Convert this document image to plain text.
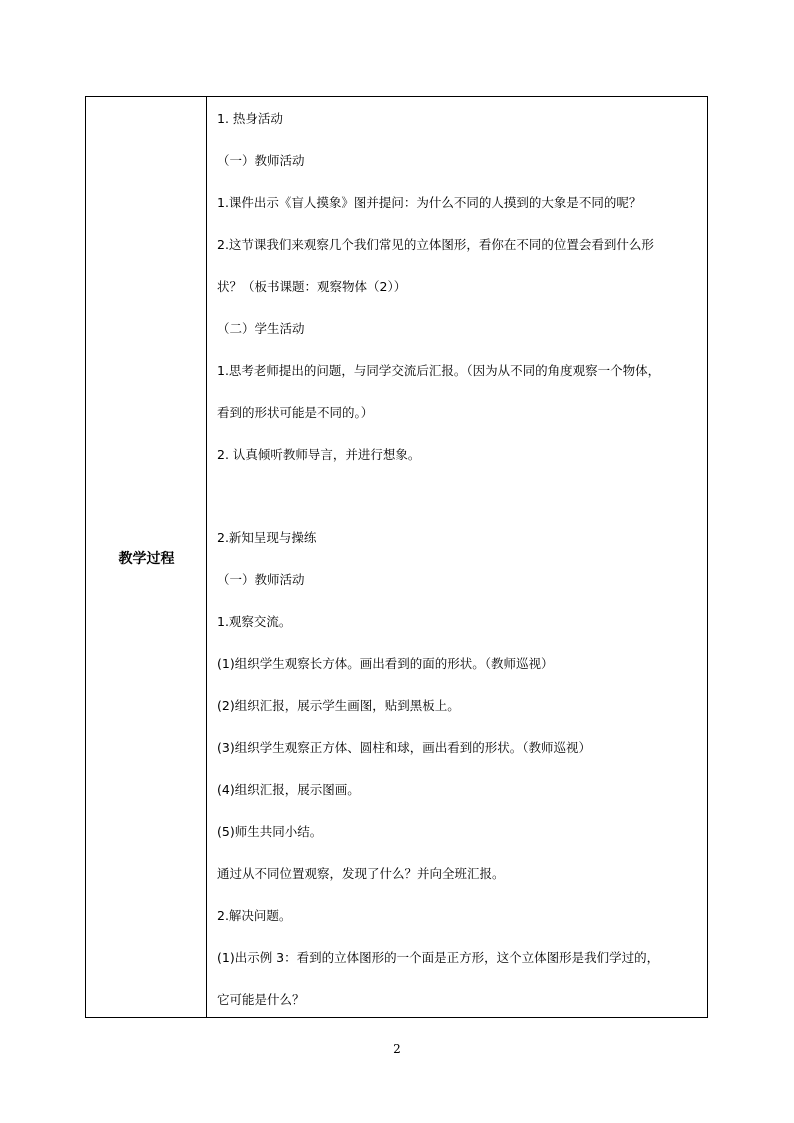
教学过程
1. 热身活动
（一）教师活动
1.课件出示《盲人摸象》图并提问：为什么不同的人摸到的大象是不同的呢？
2.这节课我们来观察几个我们常见的立体图形，看你在不同的位置会看到什么形
状？（板书课题：观察物体（2））
（二）学生活动
1.思考老师提出的问题，与同学交流后汇报。（因为从不同的角度观察一个物体，
看到的形状可能是不同的。）
2. 认真倾听教师导言，并进行想象。
2.新知呈现与操练
（一）教师活动
1.观察交流。
(1)组织学生观察长方体。画出看到的面的形状。（教师巡视）
(2)组织汇报，展示学生画图，贴到黑板上。
(3)组织学生观察正方体、圆柱和球，画出看到的形状。（教师巡视）
(4)组织汇报，展示图画。
(5)师生共同小结。
通过从不同位置观察，发现了什么？并向全班汇报。
2.解决问题。
(1)出示例 3：看到的立体图形的一个面是正方形，这个立体图形是我们学过的，
它可能是什么？
2
